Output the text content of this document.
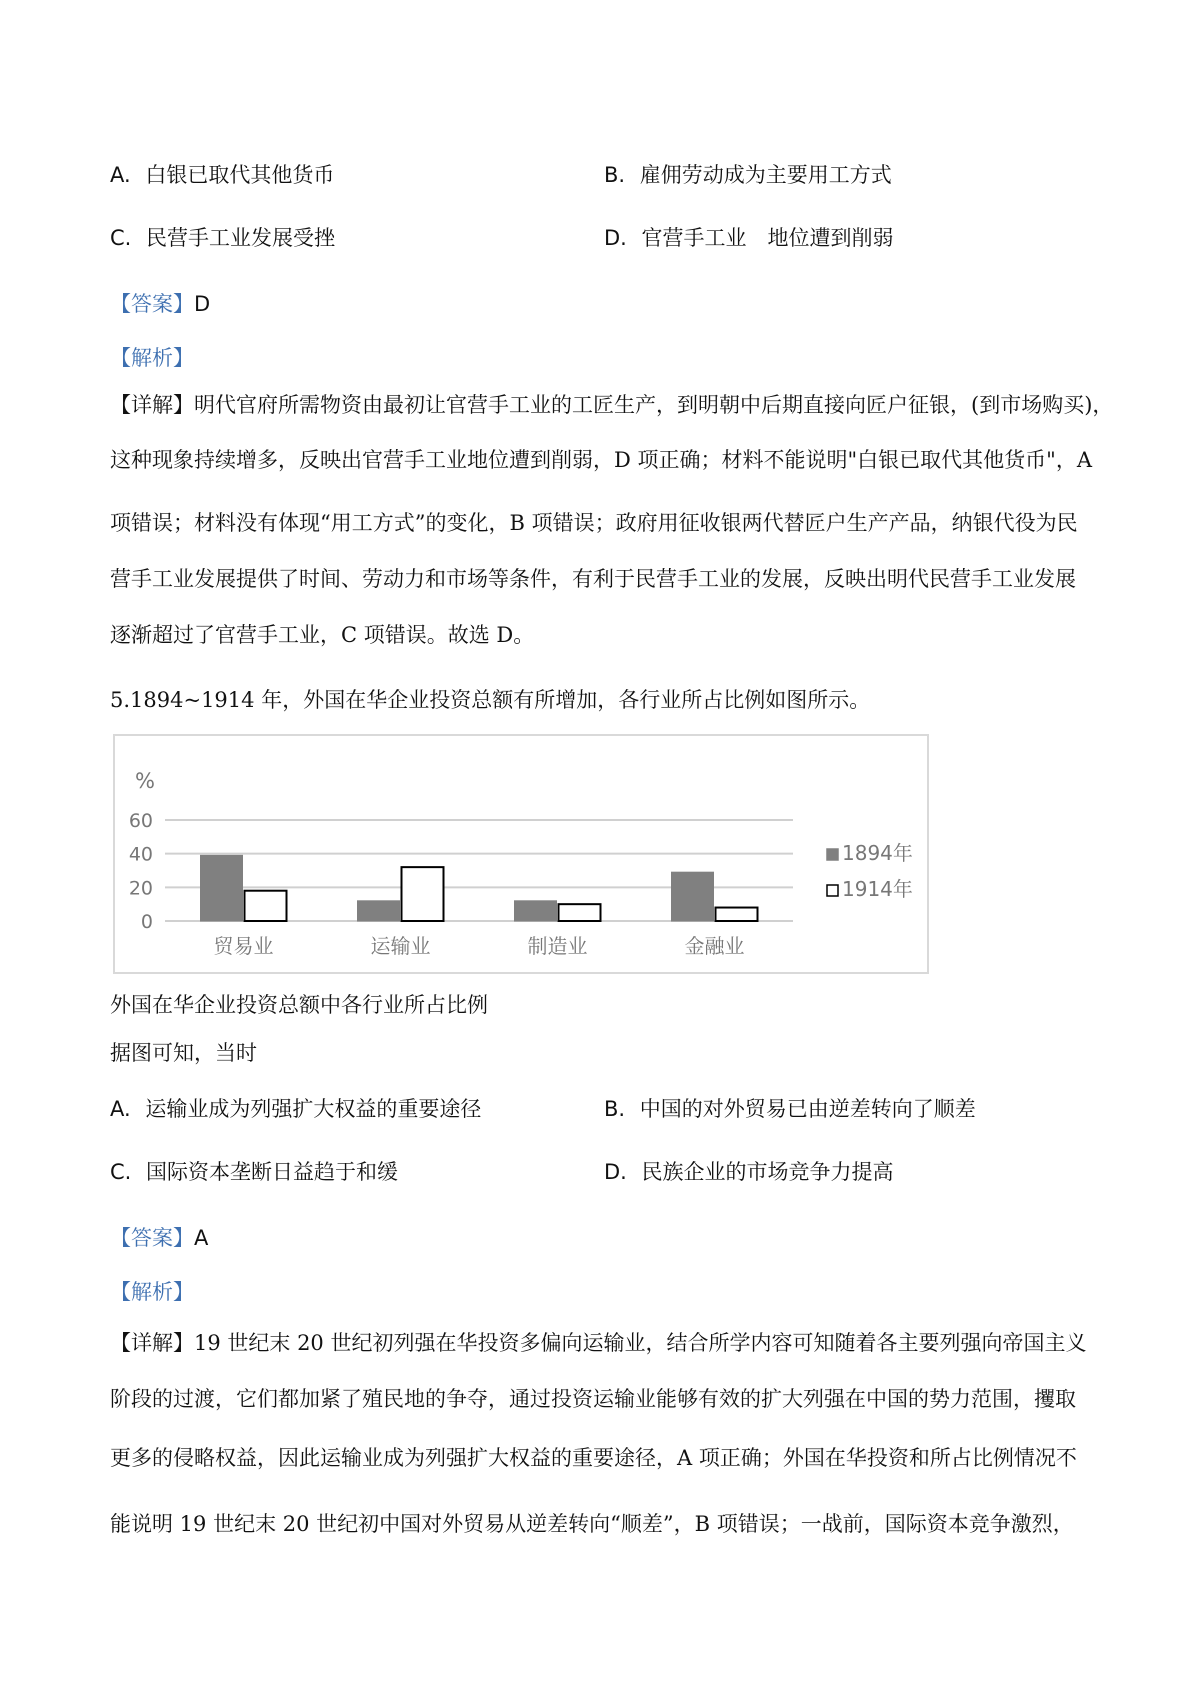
A. 白银已取代其他货币	B. 雇佣劳动成为主要用工方式
C. 民营手工业发展受挫	D. 官营手工业　地位遭到削弱
【答案】D
【解析】
【详解】明代官府所需物资由最初让官营手工业的工匠生产，到明朝中后期直接向匠户征银，(到市场购买)，
这种现象持续增多，反映出官营手工业地位遭到削弱，D 项正确；材料不能说明"白银已取代其他货币"，A
项错误；材料没有体现“用工方式”的变化，B 项错误；政府用征收银两代替匠户生产产品，纳银代役为民
营手工业发展提供了时间、劳动力和市场等条件，有利于民营手工业的发展，反映出明代民营手工业发展
逐渐超过了官营手工业，C 项错误。故选 D。
5.1894~1914 年，外国在华企业投资总额有所增加，各行业所占比例如图所示。
%
60
40
20
0
贸易业	运输业	制造业	金融业
1894年
1914年
外国在华企业投资总额中各行业所占比例
据图可知，当时
A. 运输业成为列强扩大权益的重要途径	B. 中国的对外贸易已由逆差转向了顺差
C. 国际资本垄断日益趋于和缓	D. 民族企业的市场竞争力提高
【答案】A
【解析】
【详解】19 世纪末 20 世纪初列强在华投资多偏向运输业，结合所学内容可知随着各主要列强向帝国主义
阶段的过渡，它们都加紧了殖民地的争夺，通过投资运输业能够有效的扩大列强在中国的势力范围，攫取
更多的侵略权益，因此运输业成为列强扩大权益的重要途径，A 项正确；外国在华投资和所占比例情况不
能说明 19 世纪末 20 世纪初中国对外贸易从逆差转向“顺差”，B 项错误；一战前，国际资本竞争激烈，
